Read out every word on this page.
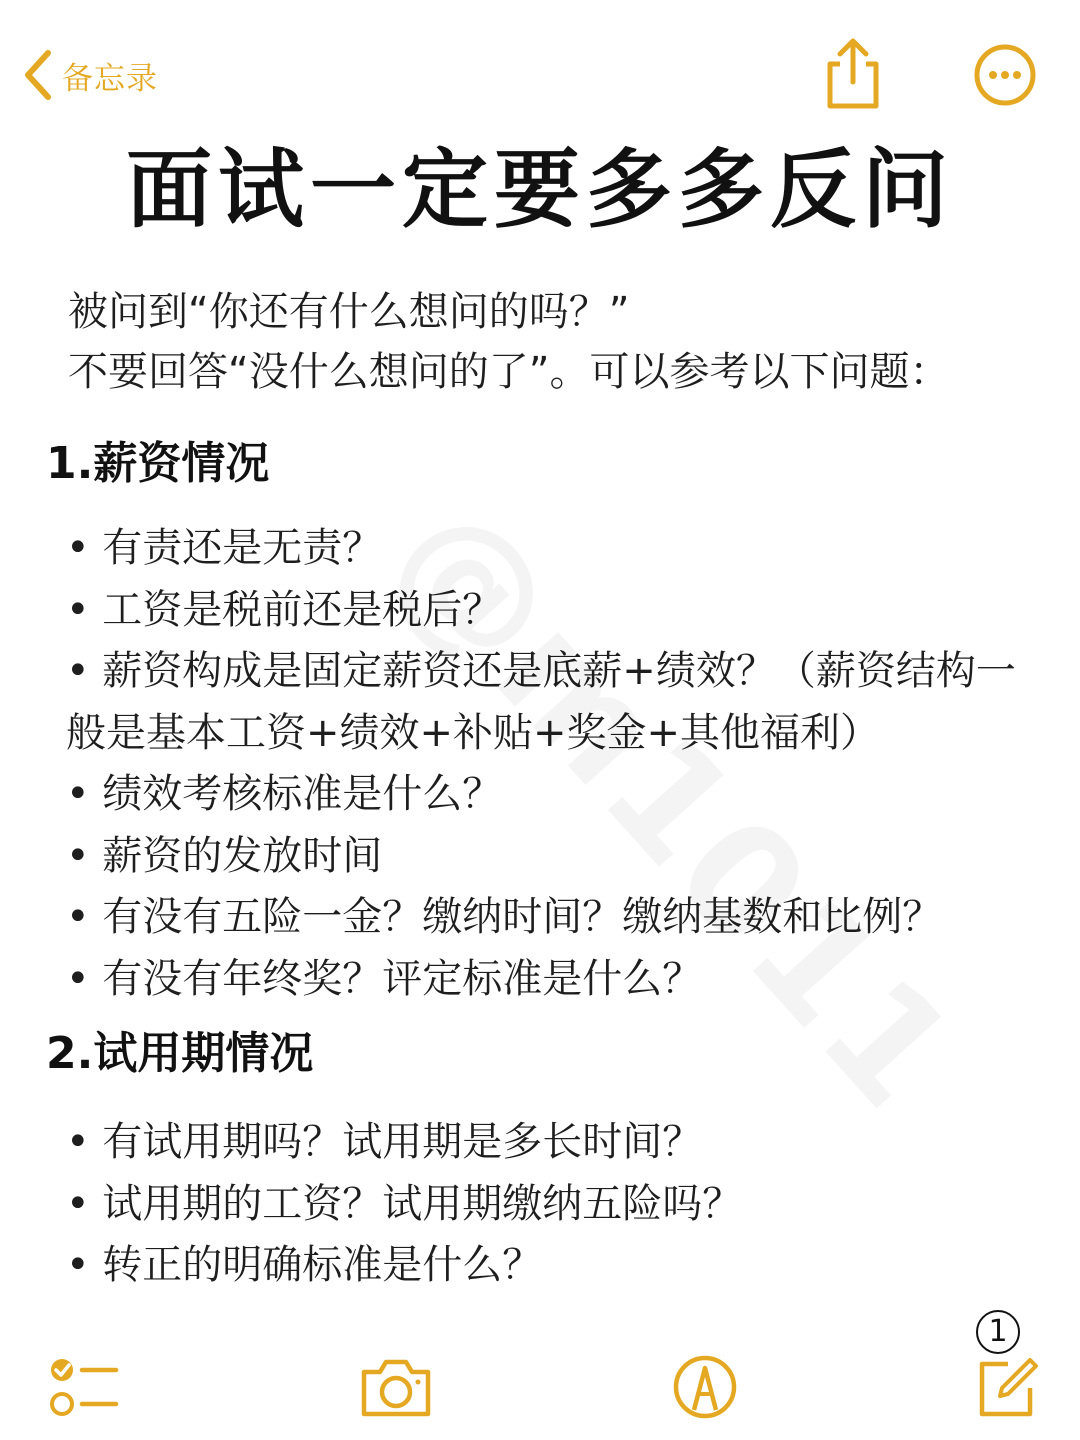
备忘录
面试一定要多多反问
被问到“你还有什么想问的吗？”
不要回答“没什么想问的了”。可以参考以下问题：
1.薪资情况
• 有责还是无责？
• 工资是税前还是税后？
• 薪资构成是固定薪资还是底薪+绩效？（薪资结构一般是基本工资+绩效+补贴+奖金+其他福利）
• 绩效考核标准是什么？
• 薪资的发放时间
• 有没有五险一金？缴纳时间？缴纳基数和比例？
• 有没有年终奖？评定标准是什么？
2.试用期情况
• 有试用期吗？试用期是多长时间？
• 试用期的工资？试用期缴纳五险吗？
• 转正的明确标准是什么？
1
